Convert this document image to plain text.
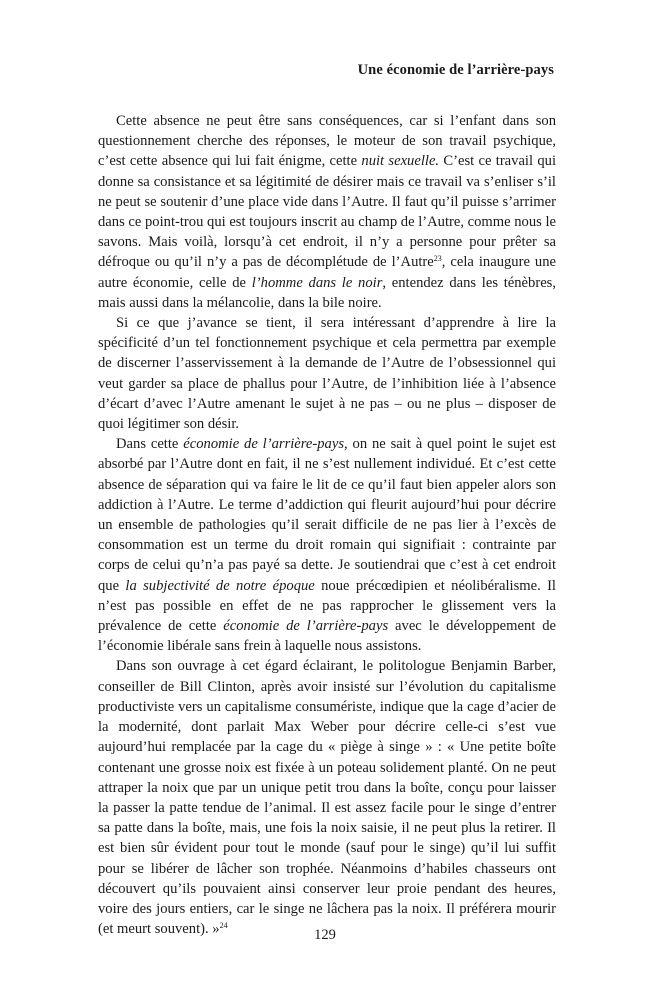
Une économie de l’arrière-pays

Cette absence ne peut être sans conséquences, car si l’enfant dans son questionnement cherche des réponses, le moteur de son travail psychique, c’est cette absence qui lui fait énigme, cette nuit sexuelle. C’est ce travail qui donne sa consistance et sa légitimité de désirer mais ce travail va s’enliser s’il ne peut se soutenir d’une place vide dans l’Autre. Il faut qu’il puisse s’arrimer dans ce point-trou qui est toujours inscrit au champ de l’Autre, comme nous le savons. Mais voilà, lorsqu’à cet endroit, il n’y a personne pour prêter sa défroque ou qu’il n’y a pas de décomplétude de l’Autre$^{23}$, cela inaugure une autre économie, celle de l’homme dans le noir, entendez dans les ténèbres, mais aussi dans la mélancolie, dans la bile noire.

Si ce que j’avance se tient, il sera intéressant d’apprendre à lire la spécificité d’un tel fonctionnement psychique et cela permettra par exemple de discerner l’asservissement à la demande de l’Autre de l’obsessionnel qui veut garder sa place de phallus pour l’Autre, de l’inhibition liée à l’absence d’écart d’avec l’Autre amenant le sujet à ne pas – ou ne plus – disposer de quoi légitimer son désir.

Dans cette économie de l’arrière-pays, on ne sait à quel point le sujet est absorbé par l’Autre dont en fait, il ne s’est nullement individué. Et c’est cette absence de séparation qui va faire le lit de ce qu’il faut bien appeler alors son addiction à l’Autre. Le terme d’addiction qui fleurit aujourd’hui pour décrire un ensemble de pathologies qu’il serait difficile de ne pas lier à l’excès de consommation est un terme du droit romain qui signifiait : contrainte par corps de celui qu’n’a pas payé sa dette. Je soutiendrai que c’est à cet endroit que la subjectivité de notre époque noue précœdipien et néolibéralisme. Il n’est pas possible en effet de ne pas rapprocher le glissement vers la prévalence de cette économie de l’arrière-pays avec le développement de l’économie libérale sans frein à laquelle nous assistons.

Dans son ouvrage à cet égard éclairant, le politologue Benjamin Barber, conseiller de Bill Clinton, après avoir insisté sur l’évolution du capitalisme productiviste vers un capitalisme consumériste, indique que la cage d’acier de la modernité, dont parlait Max Weber pour décrire celle-ci s’est vue aujourd’hui remplacée par la cage du « piège à singe » : « Une petite boîte contenant une grosse noix est fixée à un poteau solidement planté. On ne peut attraper la noix que par un unique petit trou dans la boîte, conçu pour laisser la passer la patte tendue de l’animal. Il est assez facile pour le singe d’entrer sa patte dans la boîte, mais, une fois la noix saisie, il ne peut plus la retirer. Il est bien sûr évident pour tout le monde (sauf pour le singe) qu’il lui suffit pour se libérer de lâcher son trophée. Néanmoins d’habiles chasseurs ont découvert qu’ils pouvaient ainsi conserver leur proie pendant des heures, voire des jours entiers, car le singe ne lâchera pas la noix. Il préférera mourir (et meurt souvent). »$^{24}$

129
